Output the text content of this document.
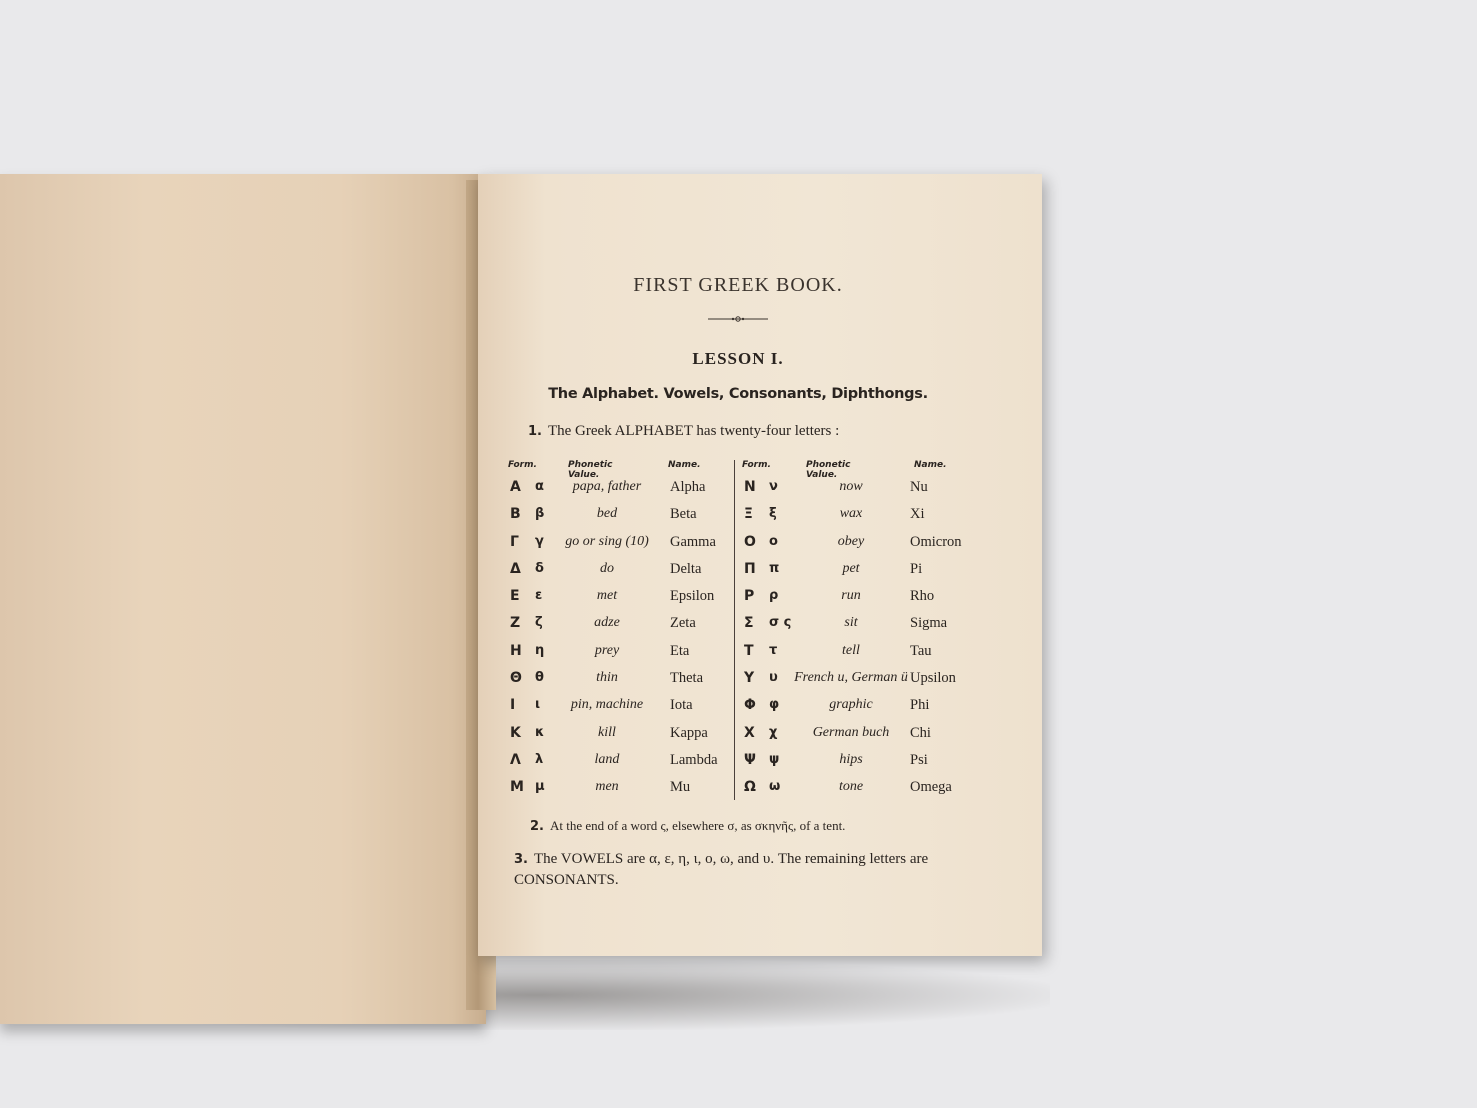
FIRST GREEK BOOK.
LESSON I.
The Alphabet. Vowels, Consonants, Diphthongs.
1. The Greek ALPHABET has twenty-four letters :
Form.	Phonetic Value.
Name.
Α α	papa, father	Alpha
Β β	bed	Beta
Γ γ	go or sing (10)	Gamma
Δ δ	do	Delta
Ε ε	met	Epsilon
Ζ ζ	adze	Zeta
Η η	prey	Eta
Θ θ	thin	Theta
Ι ι	pin, machine	Iota
Κ κ	kill	Kappa
Λ λ	land	Lambda
Μ μ	men	Mu
Form.	Phonetic Value.
Name.
Ν ν	now	Nu
Ξ ξ	wax	Xi
Ο ο	obey	Omicron
Π π	pet	Pi
Ρ ρ	run	Rho
Σ σ ς	sit	Sigma
Τ τ	tell	Tau
Υ υ	French u, German ü Upsilon
Φ φ	graphic	Phi
Χ χ	German buch	Chi
Ψ ψ	hips	Psi
Ω ω	tone	Omega
2. At the end of a word ς, elsewhere σ, as σκηνῆς, of a tent.
3. The VOWELS are α, ε, η, ι, ο, ω, and υ. The remaining letters are CONSONANTS.
